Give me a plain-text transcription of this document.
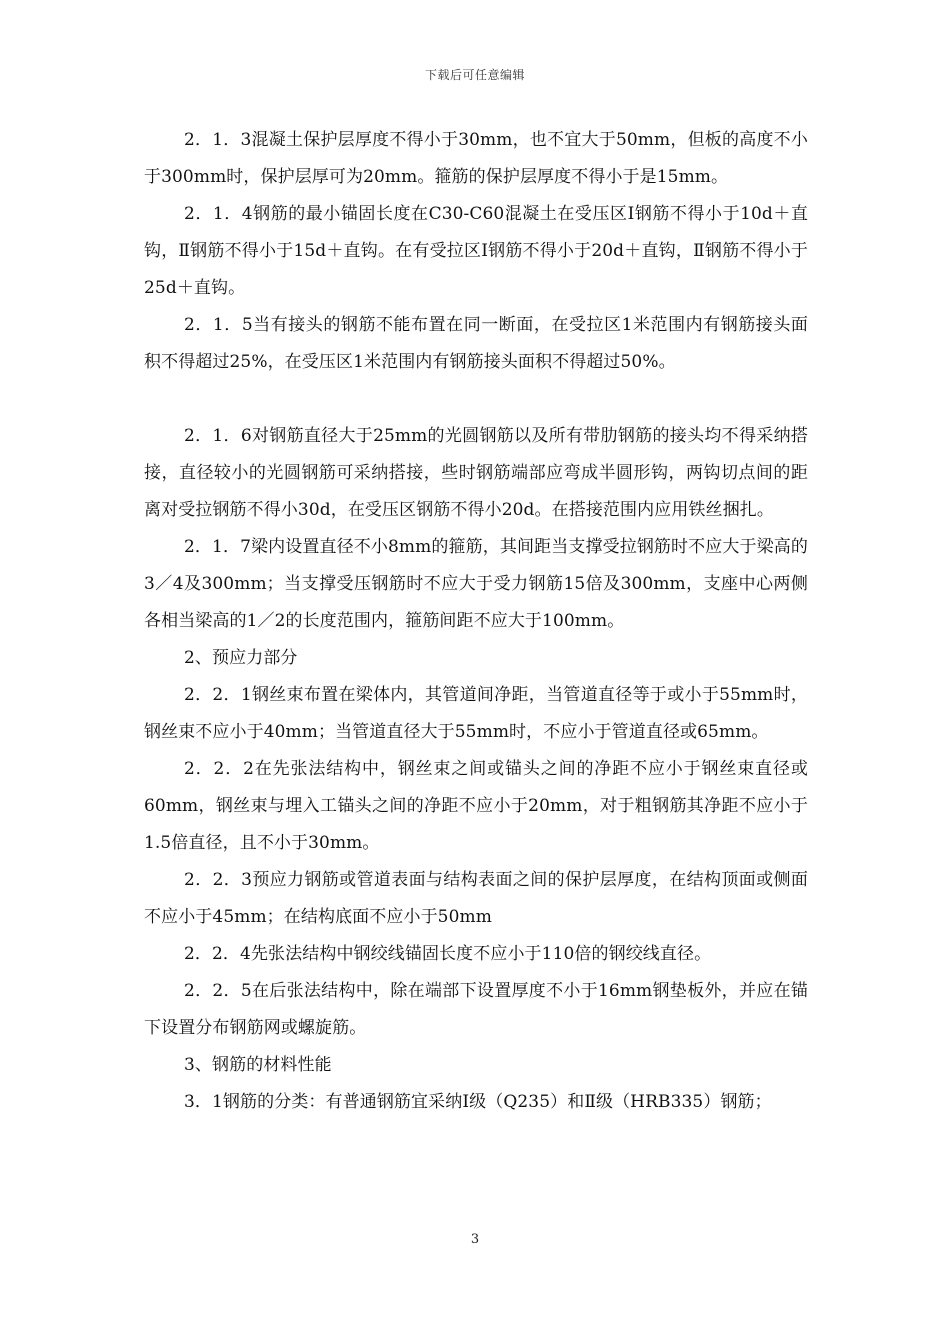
下载后可任意编辑

2．1．3混凝土保护层厚度不得小于30mm，也不宜大于50mm，但板的高度不小于300mm时，保护层厚可为20mm。箍筋的保护层厚度不得小于是15mm。

2．1．4钢筋的最小锚固长度在C30-C60混凝土在受压区Ⅰ钢筋不得小于10d＋直钩，Ⅱ钢筋不得小于15d＋直钩。在有受拉区Ⅰ钢筋不得小于20d＋直钩，Ⅱ钢筋不得小于25d＋直钩。

2．1．5当有接头的钢筋不能布置在同一断面，在受拉区1米范围内有钢筋接头面积不得超过25%，在受压区1米范围内有钢筋接头面积不得超过50%。

2．1．6对钢筋直径大于25mm的光圆钢筋以及所有带肋钢筋的接头均不得采纳搭接，直径较小的光圆钢筋可采纳搭接，些时钢筋端部应弯成半圆形钩，两钩切点间的距离对受拉钢筋不得小30d，在受压区钢筋不得小20d。在搭接范围内应用铁丝捆扎。

2．1．7梁内设置直径不小8mm的箍筋，其间距当支撑受拉钢筋时不应大于梁高的3／4及300mm；当支撑受压钢筋时不应大于受力钢筋15倍及300mm，支座中心两侧各相当梁高的1／2的长度范围内，箍筋间距不应大于100mm。

2、预应力部分

2．2．1钢丝束布置在梁体内，其管道间净距，当管道直径等于或小于55mm时，钢丝束不应小于40mm；当管道直径大于55mm时，不应小于管道直径或65mm。

2．2．2在先张法结构中，钢丝束之间或锚头之间的净距不应小于钢丝束直径或60mm，钢丝束与埋入工锚头之间的净距不应小于20mm，对于粗钢筋其净距不应小于1.5倍直径，且不小于30mm。

2．2．3预应力钢筋或管道表面与结构表面之间的保护层厚度，在结构顶面或侧面不应小于45mm；在结构底面不应小于50mm

2．2．4先张法结构中钢绞线锚固长度不应小于110倍的钢绞线直径。

2．2．5在后张法结构中，除在端部下设置厚度不小于16mm钢垫板外，并应在锚下设置分布钢筋网或螺旋筋。

3、钢筋的材料性能

3．1钢筋的分类：有普通钢筋宜采纳Ⅰ级（Q235）和Ⅱ级（HRB335）钢筋；

3
